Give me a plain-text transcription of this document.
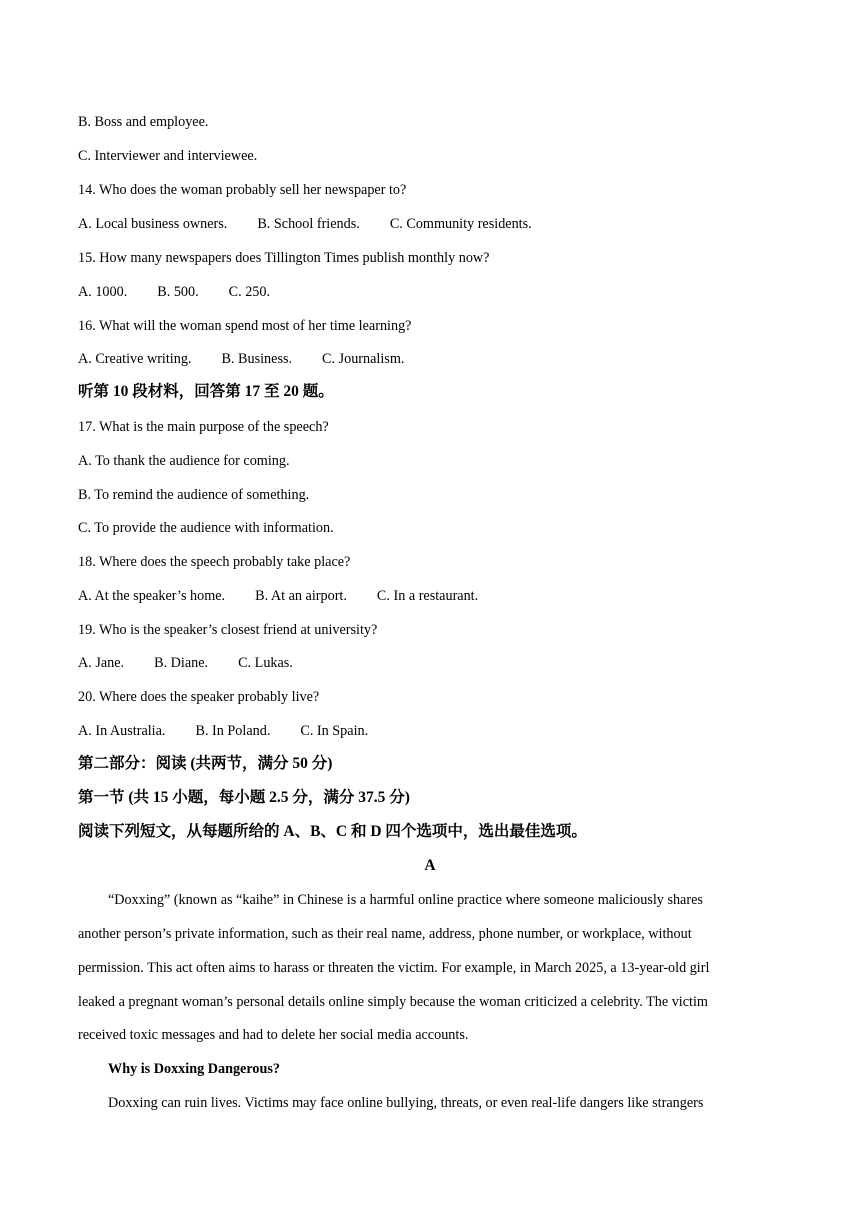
B. Boss and employee.
C. Interviewer and interviewee.
14. Who does the woman probably sell her newspaper to?
A. Local business owners. B. School friends. C. Community residents.
15. How many newspapers does Tillington Times publish monthly now?
A. 1000. B. 500. C. 250.
16. What will the woman spend most of her time learning?
A. Creative writing. B. Business. C. Journalism.
听第 10 段材料，回答第 17 至 20 题。
17. What is the main purpose of the speech?
A. To thank the audience for coming.
B. To remind the audience of something.
C. To provide the audience with information.
18. Where does the speech probably take place?
A. At the speaker’s home. B. At an airport. C. In a restaurant.
19. Who is the speaker’s closest friend at university?
A. Jane. B. Diane. C. Lukas.
20. Where does the speaker probably live?
A. In Australia. B. In Poland. C. In Spain.
第二部分：阅读 (共两节，满分 50 分)
第一节 (共 15 小题，每小题 2.5 分，满分 37.5 分)
阅读下列短文，从每题所给的 A、B、C 和 D 四个选项中，选出最佳选项。
A
“Doxxing” (known as “kaihe” in Chinese is a harmful online practice where someone maliciously shares
another person’s private information, such as their real name, address, phone number, or workplace, without
permission. This act often aims to harass or threaten the victim. For example, in March 2025, a 13-year-old girl
leaked a pregnant woman’s personal details online simply because the woman criticized a celebrity. The victim
received toxic messages and had to delete her social media accounts.
Why is Doxxing Dangerous?
Doxxing can ruin lives. Victims may face online bullying, threats, or even real-life dangers like strangers
